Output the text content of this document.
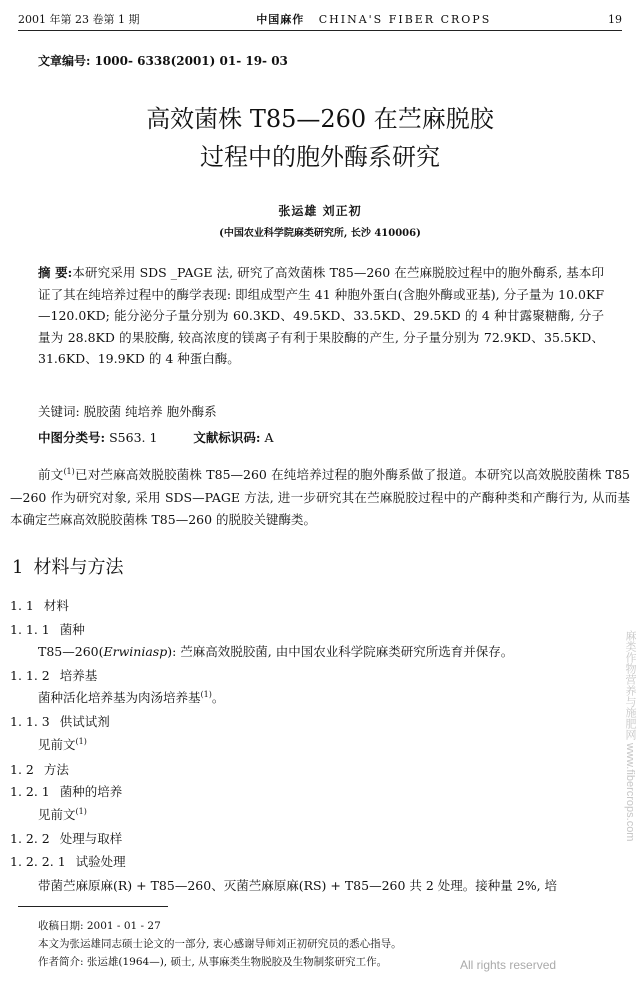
2001 年第 23 卷第 1 期	中国麻作 CHINA'S FIBER CROPS	19
文章编号: 1000- 6338(2001) 01- 19- 03
高效菌株 T85—260 在苎麻脱胶
过程中的胞外酶系研究
张运雄 刘正初
(中国农业科学院麻类研究所, 长沙 410006)

摘 要:本研究采用 SDS _PAGE 法, 研究了高效菌株 T85—260 在苎麻脱胶过程中的胞外酶系, 基本印证了其在纯培养过程中的酶学表现: 即组成型产生 41 种胞外蛋白(含胞外酶或亚基), 分子量为 10.0KF—120.0KD; 能分泌分子量分别为 60.3KD、49.5KD、33.5KD、29.5KD 的 4 种甘露聚糖酶, 分子量为 28.8KD 的果胶酶, 较高浓度的镁离子有利于果胶酶的产生, 分子量分别为 72.9KD、35.5KD、31.6KD、19.9KD 的 4 种蛋白酶。

关键词: 脱胶菌 纯培养 胞外酶系
中图分类号: S563. 1	文献标识码: A

前文$^{(1)}$已对苎麻高效脱胶菌株 T85—260 在纯培养过程的胞外酶系做了报道。本研究以高效脱胶菌株 T85—260 作为研究对象, 采用 SDS—PAGE 方法, 进一步研究其在苎麻脱胶过程中的产酶种类和产酶行为, 从而基本确定苎麻高效脱胶菌株 T85—260 的脱胶关键酶类。

1 材料与方法
1. 1 材料
1. 1. 1 菌种
T85—260(Erwiniasp): 苎麻高效脱胶菌, 由中国农业科学院麻类研究所选育并保存。
1. 1. 2 培养基
菌种活化培养基为肉汤培养基$^{(1)}$。
1. 1. 3 供试试剂
见前文$^{(1)}$
1. 2 方法
1. 2. 1 菌种的培养
见前文$^{(1)}$
1. 2. 2 处理与取样
1. 2. 2. 1 试验处理
带菌苎麻原麻(R) + T85—260、灭菌苎麻原麻(RS) + T85—260 共 2 处理。接种量 2%, 培
收稿日期: 2001 - 01 - 27
本文为张运雄同志硕士论文的一部分, 衷心感谢导师刘正初研究员的悉心指导。
作者简介: 张运雄(1964—), 硕士, 从事麻类生物脱胶及生物制浆研究工作。	All rights reserved
麻类作物营养与施肥网 www.fibercrops.com
